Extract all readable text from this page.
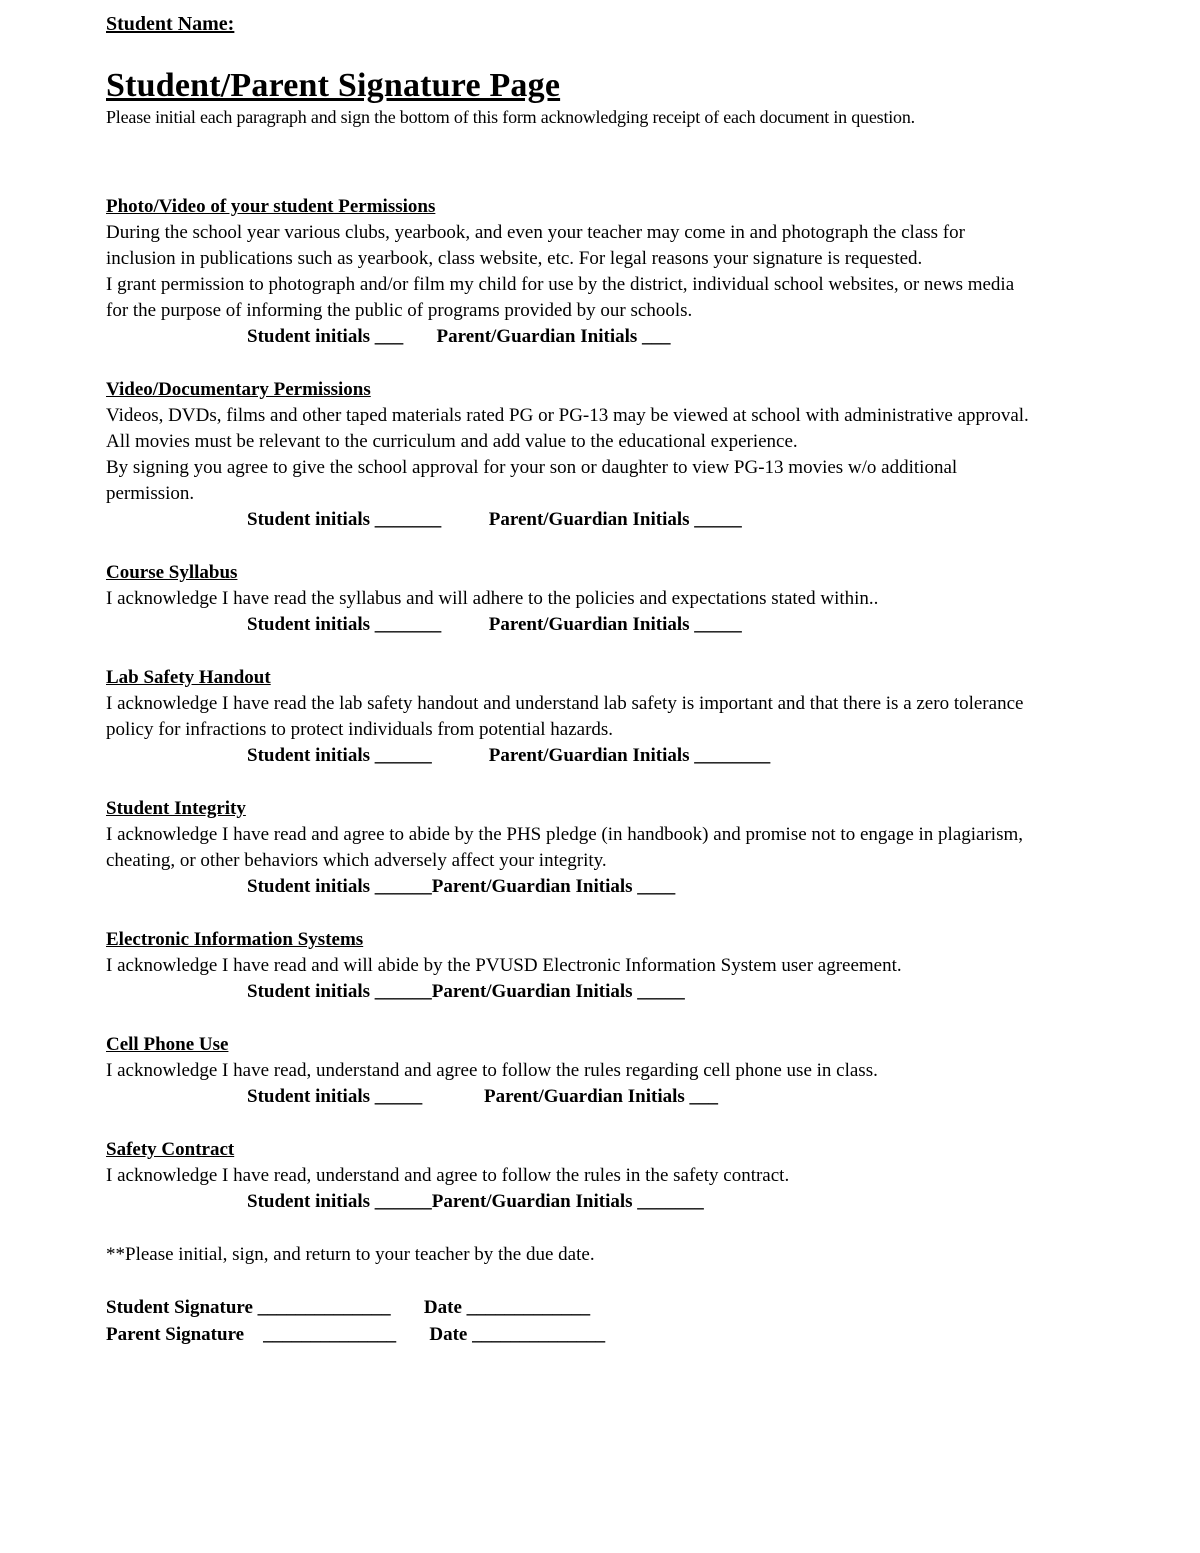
Student Name:

Student/Parent Signature Page

Please initial each paragraph and sign the bottom of this form acknowledging receipt of each document in question.

Photo/Video of your student Permissions

During the school year various clubs, yearbook, and even your teacher may come in and photograph the class for inclusion in publications such as yearbook, class website, etc. For legal reasons your signature is requested.

I grant permission to photograph and/or film my child for use by the district, individual school websites, or news media for the purpose of informing the public of programs provided by our schools.

Student initials ___       Parent/Guardian Initials ___

Video/Documentary Permissions

Videos, DVDs, films and other taped materials rated PG or PG-13 may be viewed at school with administrative approval. All movies must be relevant to the curriculum and add value to the educational experience.

By signing you agree to give the school approval for your son or daughter to view PG-13 movies w/o additional permission.

Student initials _______          Parent/Guardian Initials _____

Course Syllabus

I acknowledge I have read the syllabus and will adhere to the policies and expectations stated within..

Student initials _______          Parent/Guardian Initials _____

Lab Safety Handout

I acknowledge I have read the lab safety handout and understand lab safety is important and that there is a zero tolerance policy for infractions to protect individuals from potential hazards.

Student initials ______            Parent/Guardian Initials ________

Student Integrity

I acknowledge I have read and agree to abide by the PHS pledge (in handbook) and promise not to engage in plagiarism, cheating, or other behaviors which adversely affect your integrity.

Student initials ______Parent/Guardian Initials ____

Electronic Information Systems

I acknowledge I have read and will abide by the PVUSD Electronic Information System user agreement.

Student initials ______Parent/Guardian Initials _____

Cell Phone Use

I acknowledge I have read, understand and agree to follow the rules regarding cell phone use in class.

Student initials _____             Parent/Guardian Initials ___

Safety Contract

I acknowledge I have read, understand and agree to follow the rules in the safety contract.

Student initials ______Parent/Guardian Initials _______

**Please initial, sign, and return to your teacher by the due date.

Student Signature ______________       Date _____________

Parent Signature    ______________       Date ______________
